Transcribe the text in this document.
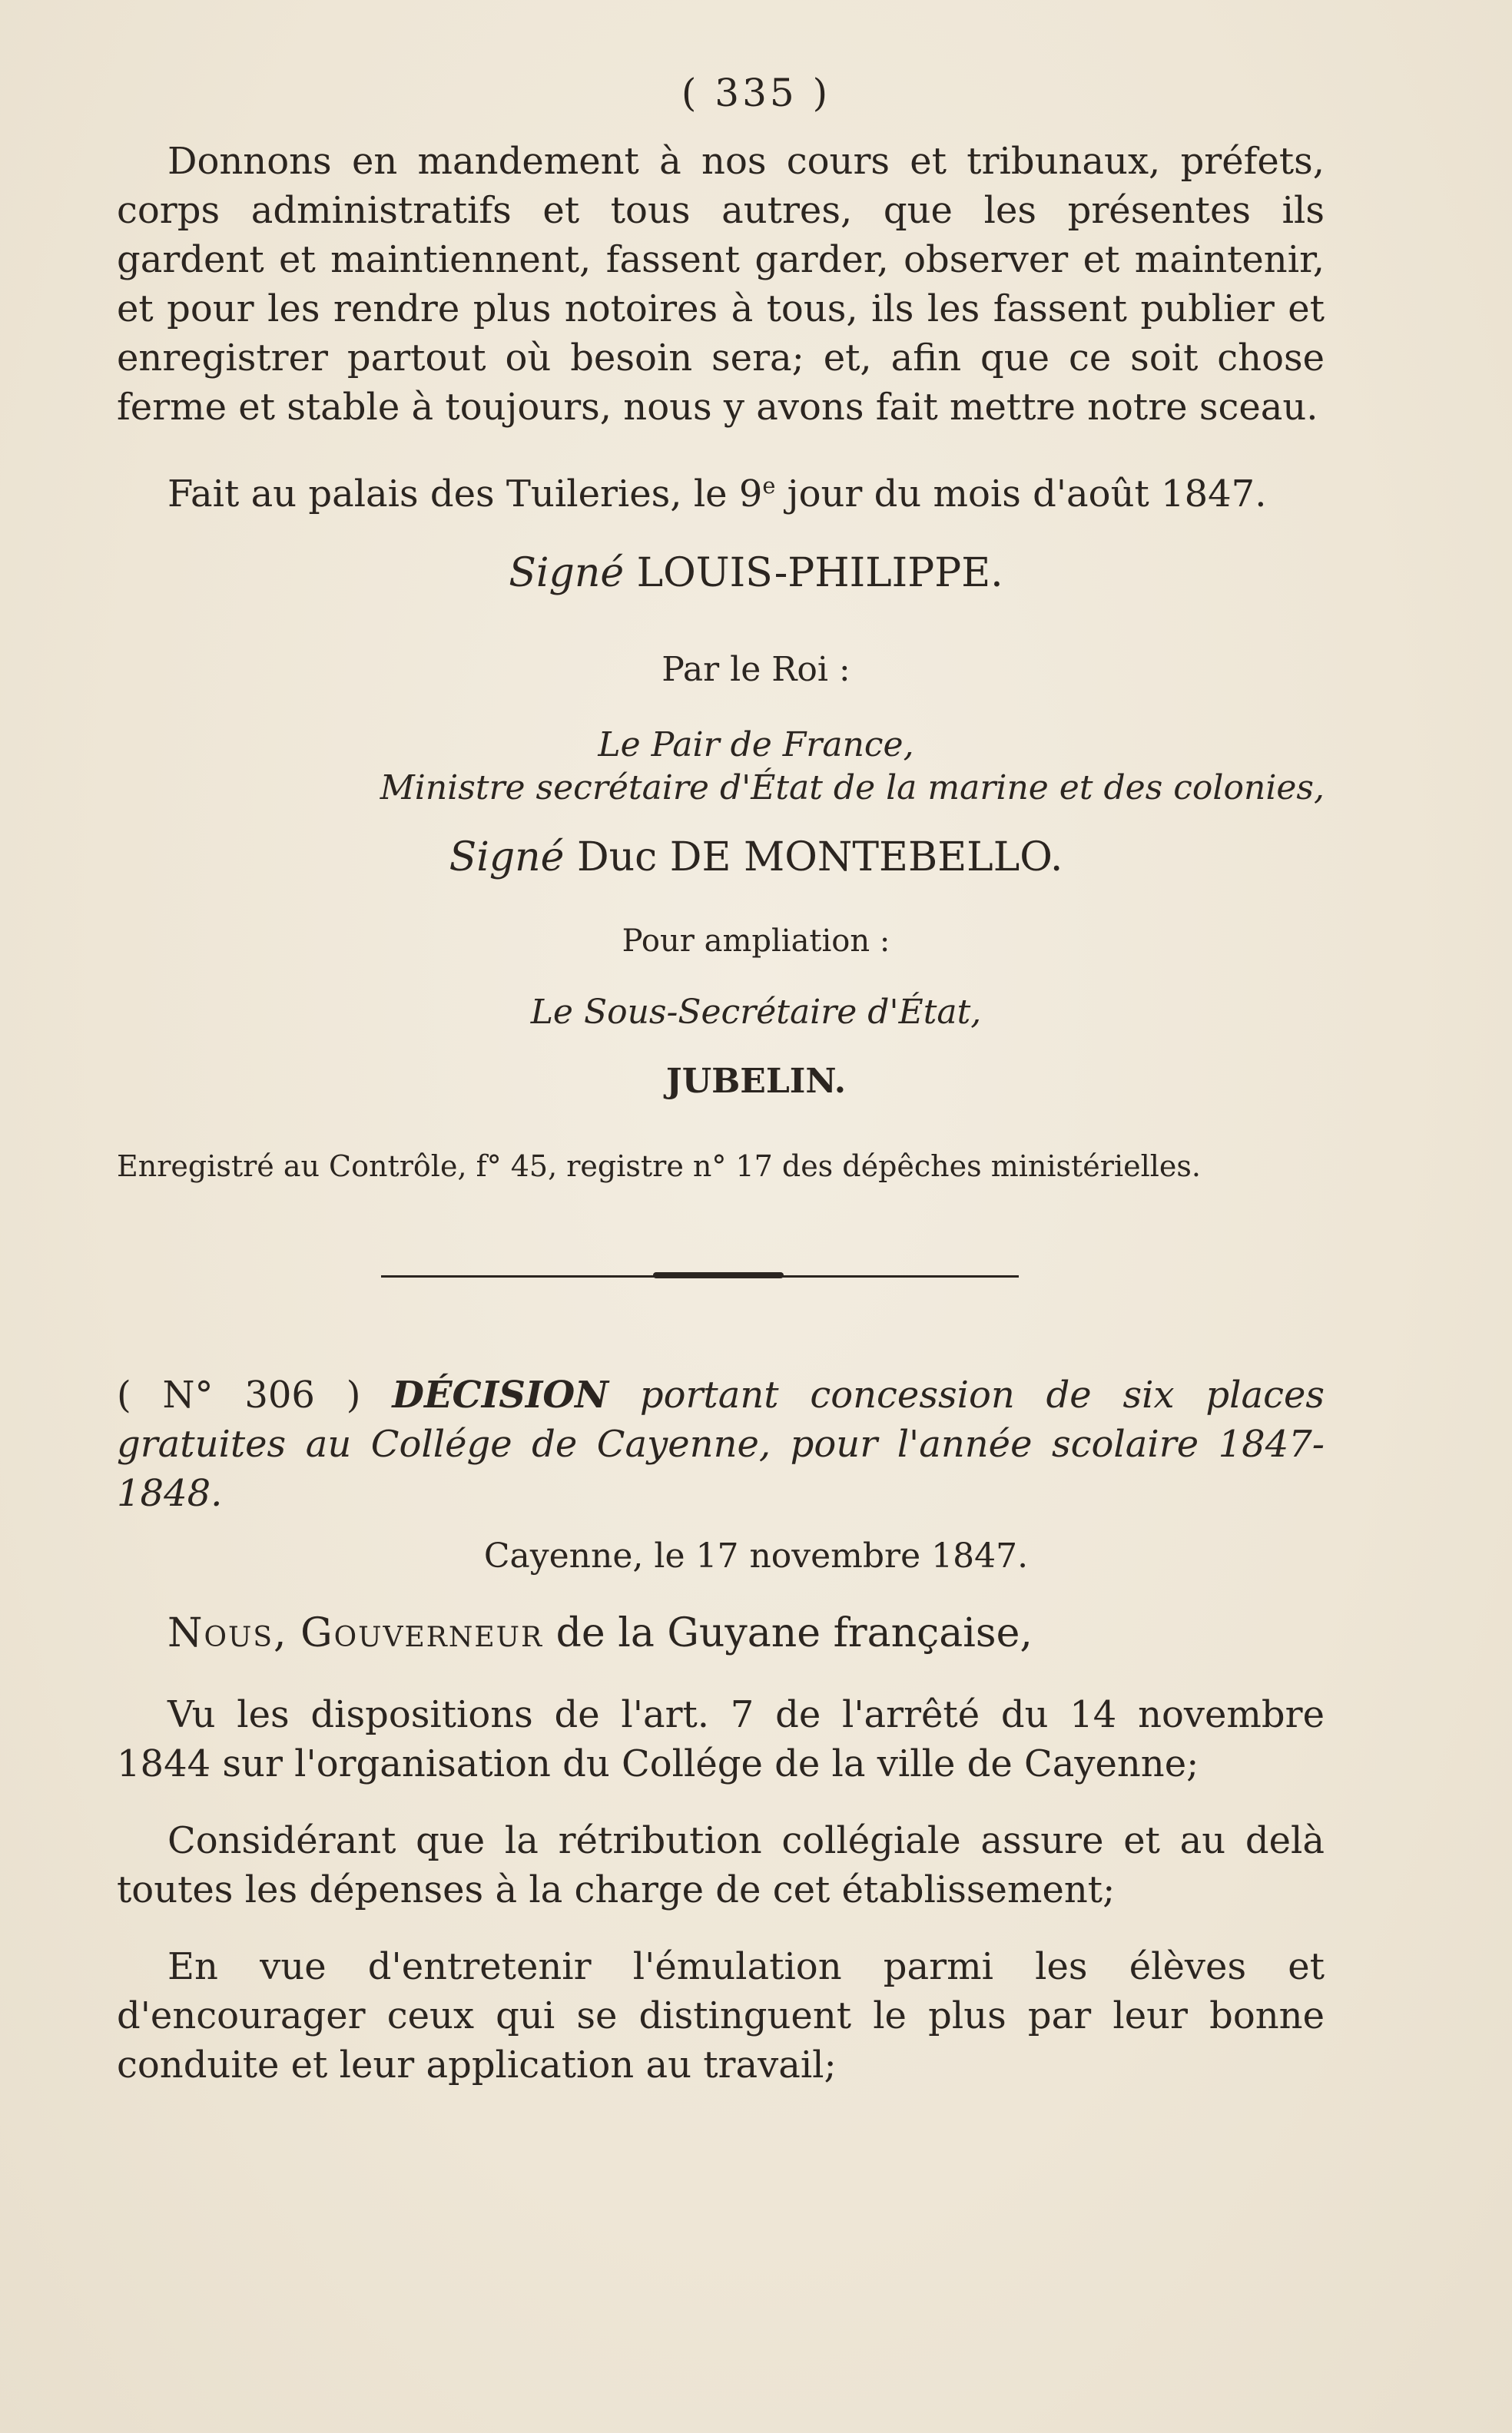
( 335 )

Donnons en mandement à nos cours et tribunaux, préfets, corps administratifs et tous autres, que les présentes ils gardent et maintiennent, fassent garder, observer et maintenir, et pour les rendre plus notoires à tous, ils les fassent publier et enregistrer partout où besoin sera; et, afin que ce soit chose ferme et stable à toujours, nous y avons fait mettre notre sceau.

Fait au palais des Tuileries, le 9e jour du mois d'août 1847.

Signé LOUIS-PHILIPPE.
Par le Roi :
Le Pair de France,
Ministre secrétaire d'État de la marine et des colonies,
Signé Duc DE MONTEBELLO.
Pour ampliation :
Le Sous-Secrétaire d'État,
JUBELIN.
Enregistré au Contrôle, f° 45, registre n° 17 des dépêches ministérielles.

( N° 306 ) DÉCISION portant concession de six places gratuites au Collége de Cayenne, pour l'année scolaire 1847-1848.

Cayenne, le 17 novembre 1847.

Nous, Gouverneur de la Guyane française,

Vu les dispositions de l'art. 7 de l'arrêté du 14 novembre 1844 sur l'organisation du Collége de la ville de Cayenne;

Considérant que la rétribution collégiale assure et au delà toutes les dépenses à la charge de cet établissement;

En vue d'entretenir l'émulation parmi les élèves et d'encourager ceux qui se distinguent le plus par leur bonne conduite et leur application au travail;
